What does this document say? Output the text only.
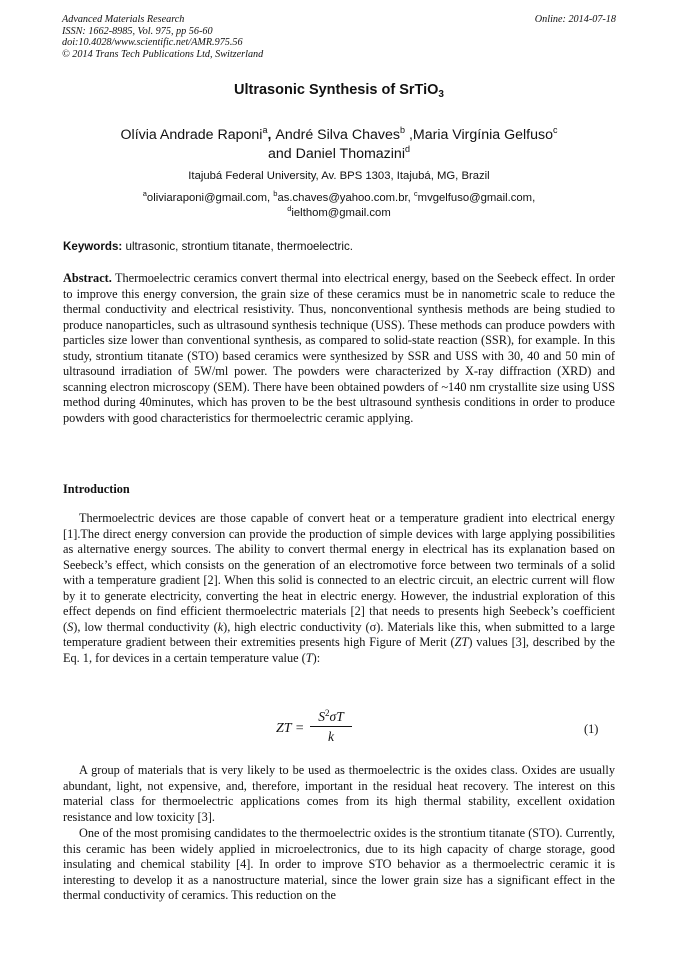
Advanced Materials Research
ISSN: 1662-8985, Vol. 975, pp 56-60
doi:10.4028/www.scientific.net/AMR.975.56
© 2014 Trans Tech Publications Ltd, Switzerland
Online: 2014-07-18
Ultrasonic Synthesis of SrTiO$_3$
Olívia Andrade Raponi$^a$, André Silva Chaves$^b$ ,Maria Virgínia Gelfuso$^c$
and Daniel Thomazini$^d$
Itajubá Federal University, Av. BPS 1303, Itajubá, MG, Brazil
$^a$oliviaraponi@gmail.com, $^b$as.chaves@yahoo.com.br, $^c$mvgelfuso@gmail.com,
$^d$ielthom@gmail.com
Keywords: ultrasonic, strontium titanate, thermoelectric.
Abstract. Thermoelectric ceramics convert thermal into electrical energy, based on the Seebeck effect. In order to improve this energy conversion, the grain size of these ceramics must be in nanometric scale to reduce the thermal conductivity and electrical resistivity. Thus, nonconventional synthesis methods are being studied to produce nanoparticles, such as ultrasound synthesis technique (USS). These methods can produce powders with particles size lower than conventional synthesis, as compared to solid-state reaction (SSR), for example. In this study, strontium titanate (STO) based ceramics were synthesized by SSR and USS with 30, 40 and 50 min of ultrasound irradiation of 5W/ml power. The powders were characterized by X-ray diffraction (XRD) and scanning electron microscopy (SEM). There have been obtained powders of ~140 nm crystallite size using USS method during 40minutes, which has proven to be the best ultrasound synthesis conditions in order to produce powders with good characteristics for thermoelectric ceramic applying.
Introduction
Thermoelectric devices are those capable of convert heat or a temperature gradient into electrical energy [1].The direct energy conversion can provide the production of simple devices with large applying possibilities as alternative energy sources. The ability to convert thermal energy in electrical has its explanation based on Seebeck’s effect, which consists on the generation of an electromotive force between two terminals of a solid with a temperature gradient [2]. When this solid is connected to an electric circuit, an electric current will flow by it to generate electricity, converting the heat in electric energy. However, the industrial exploration of this effect depends on find efficient thermoelectric materials [2] that needs to presents high Seebeck’s coefficient (S), low thermal conductivity (k), high electric conductivity (σ). Materials like this, when submitted to a large temperature gradient between their extremities presents high Figure of Merit (ZT) values [3], described by the Eq. 1, for devices in a certain temperature value (T):
ZT =
$S^2\sigma T$
k	(1)
A group of materials that is very likely to be used as thermoelectric is the oxides class. Oxides are usually abundant, light, not expensive, and, therefore, important in the residual heat recovery. The interest on this material class for thermoelectric applications comes from its high thermal stability, excellent oxidation resistance and low toxicity [3].
One of the most promising candidates to the thermoelectric oxides is the strontium titanate (STO). Currently, this ceramic has been widely applied in microelectronics, due to its high capacity of charge storage, good insulating and chemical stability [4]. In order to improve STO behavior as a thermoelectric ceramic it is interesting to develop it as a nanostructure material, since the lower grain size has a significant effect in the thermal conductivity of ceramics. This reduction on the
